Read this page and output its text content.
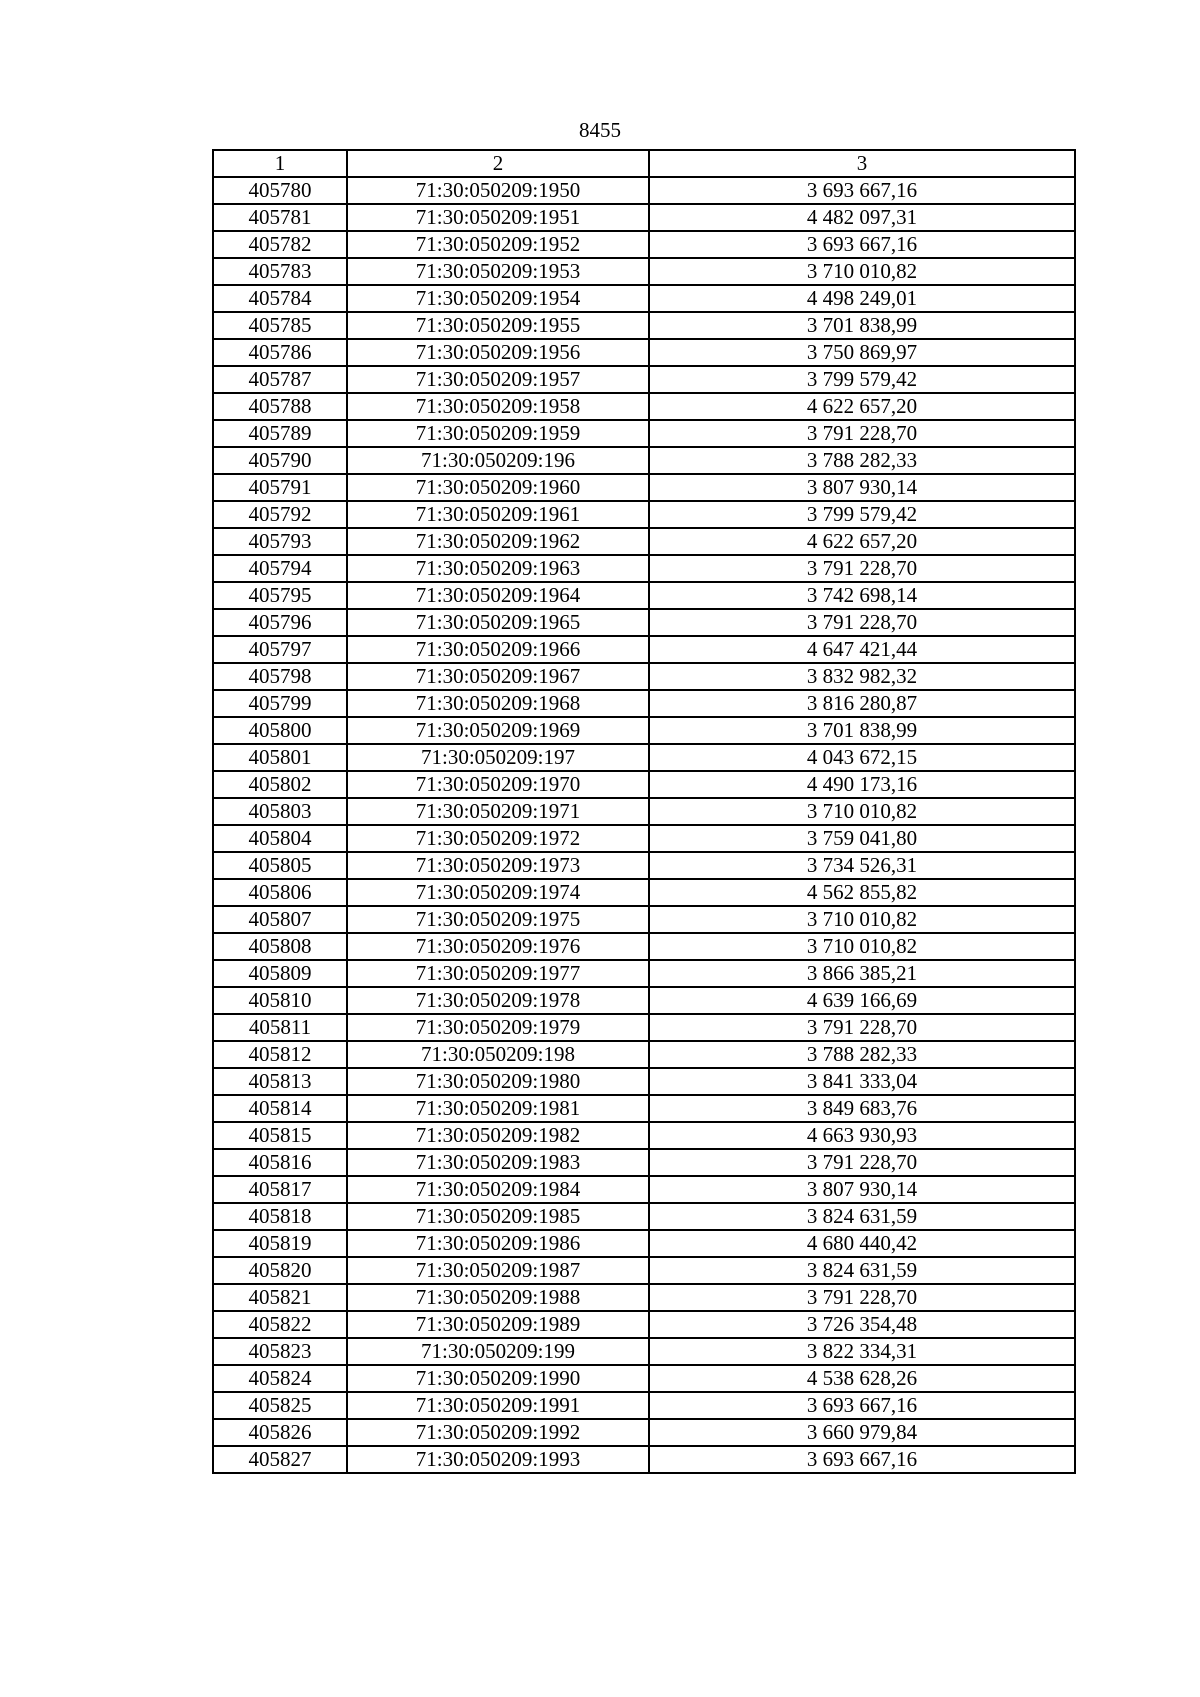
8455
1	2	3
405780	71:30:050209:1950	3 693 667,16
405781	71:30:050209:1951	4 482 097,31
405782	71:30:050209:1952	3 693 667,16
405783	71:30:050209:1953	3 710 010,82
405784	71:30:050209:1954	4 498 249,01
405785	71:30:050209:1955	3 701 838,99
405786	71:30:050209:1956	3 750 869,97
405787	71:30:050209:1957	3 799 579,42
405788	71:30:050209:1958	4 622 657,20
405789	71:30:050209:1959	3 791 228,70
405790	71:30:050209:196	3 788 282,33
405791	71:30:050209:1960	3 807 930,14
405792	71:30:050209:1961	3 799 579,42
405793	71:30:050209:1962	4 622 657,20
405794	71:30:050209:1963	3 791 228,70
405795	71:30:050209:1964	3 742 698,14
405796	71:30:050209:1965	3 791 228,70
405797	71:30:050209:1966	4 647 421,44
405798	71:30:050209:1967	3 832 982,32
405799	71:30:050209:1968	3 816 280,87
405800	71:30:050209:1969	3 701 838,99
405801	71:30:050209:197	4 043 672,15
405802	71:30:050209:1970	4 490 173,16
405803	71:30:050209:1971	3 710 010,82
405804	71:30:050209:1972	3 759 041,80
405805	71:30:050209:1973	3 734 526,31
405806	71:30:050209:1974	4 562 855,82
405807	71:30:050209:1975	3 710 010,82
405808	71:30:050209:1976	3 710 010,82
405809	71:30:050209:1977	3 866 385,21
405810	71:30:050209:1978	4 639 166,69
405811	71:30:050209:1979	3 791 228,70
405812	71:30:050209:198	3 788 282,33
405813	71:30:050209:1980	3 841 333,04
405814	71:30:050209:1981	3 849 683,76
405815	71:30:050209:1982	4 663 930,93
405816	71:30:050209:1983	3 791 228,70
405817	71:30:050209:1984	3 807 930,14
405818	71:30:050209:1985	3 824 631,59
405819	71:30:050209:1986	4 680 440,42
405820	71:30:050209:1987	3 824 631,59
405821	71:30:050209:1988	3 791 228,70
405822	71:30:050209:1989	3 726 354,48
405823	71:30:050209:199	3 822 334,31
405824	71:30:050209:1990	4 538 628,26
405825	71:30:050209:1991	3 693 667,16
405826	71:30:050209:1992	3 660 979,84
405827	71:30:050209:1993	3 693 667,16
